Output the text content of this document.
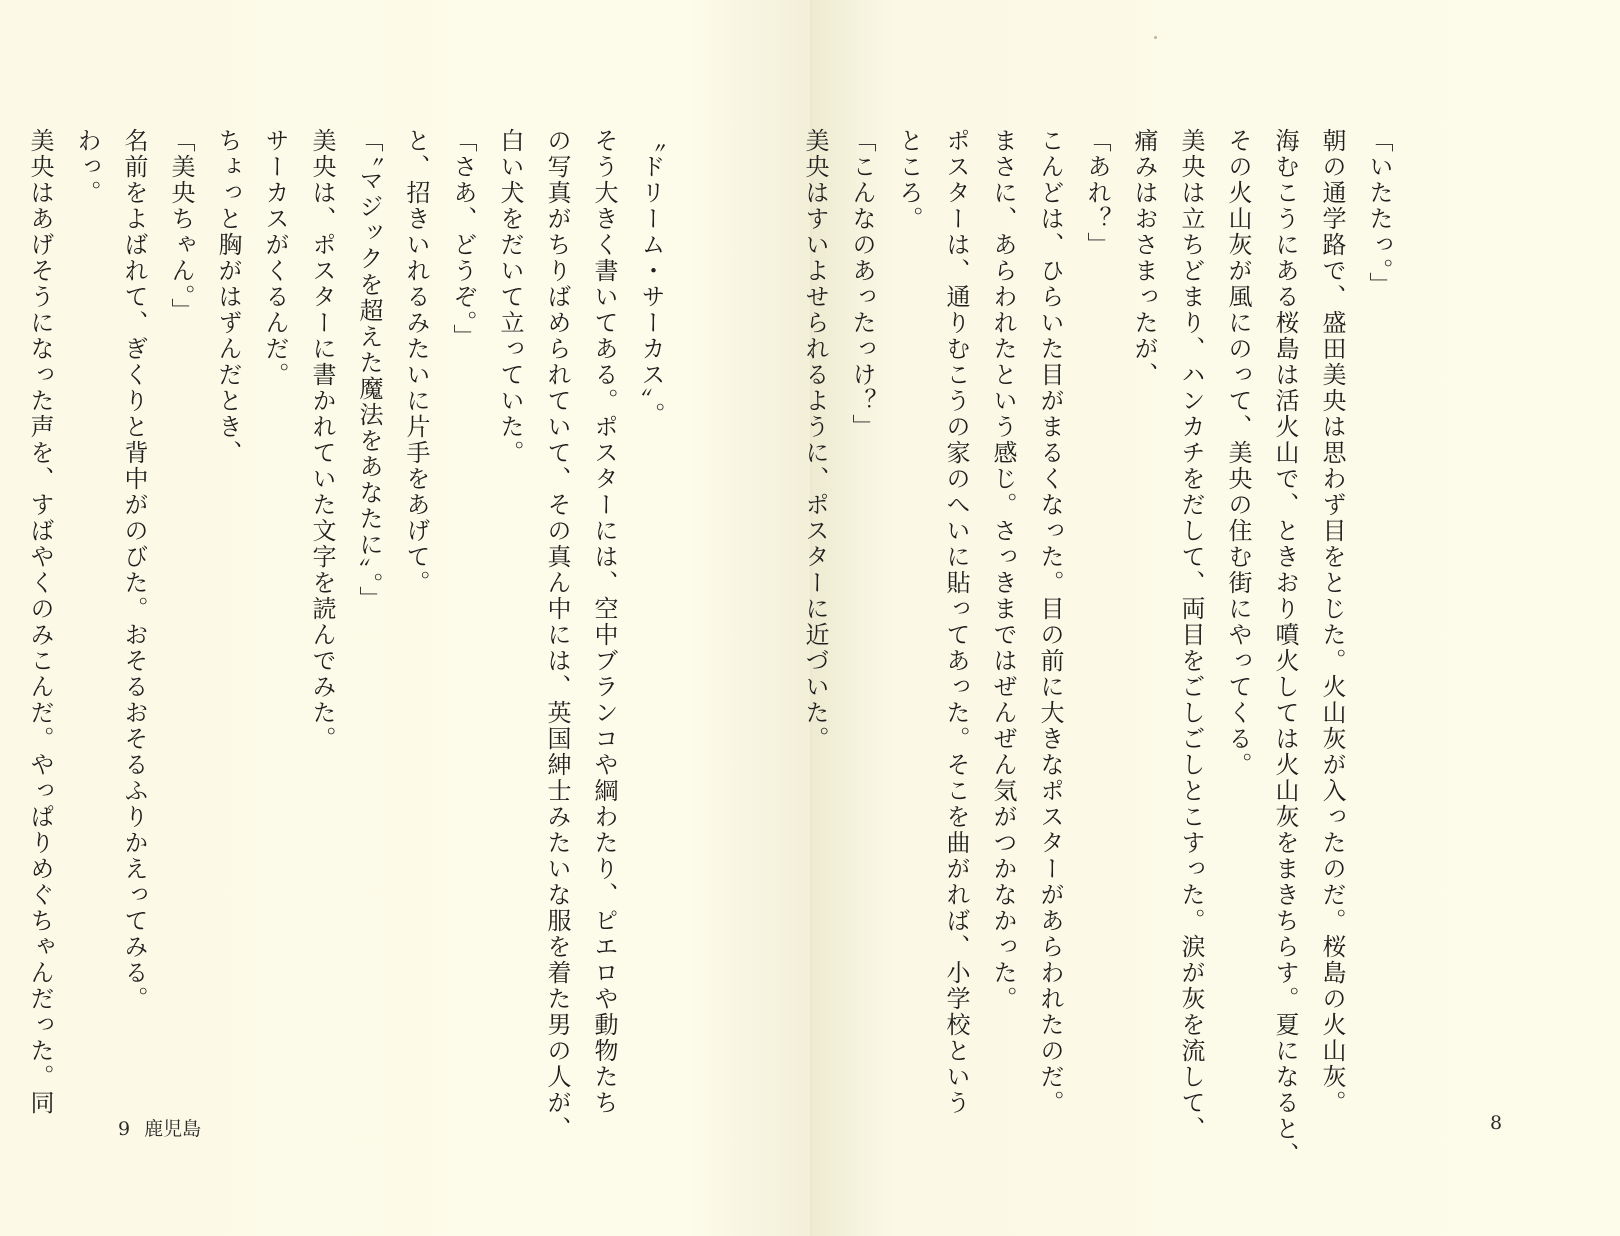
〝ドリーム・サーカス〟。
そう大きく書いてある。ポスターには、空中ブランコや綱わたり、ピエロや動物たち
の写真がちりばめられていて、その真ん中には、英国紳士みたいな服を着た男の人が、
白い犬をだいて立っていた。
「さあ、どうぞ。」
と、招きいれるみたいに片手をあげて。
「〝マジックを超えた魔法をあなたに〟。」
美央は、ポスターに書かれていた文字を読んでみた。
サーカスがくるんだ。
ちょっと胸がはずんだとき、
「美央ちゃん。」
名前をよばれて、ぎくりと背中がのびた。おそるおそるふりかえってみる。
わっ。
美央はあげそうになった声を、すばやくのみこんだ。やっぱりめぐちゃんだった。同
9 鹿児島
「いたたっ。」
朝の通学路で、盛田美央は思わず目をとじた。火山灰が入ったのだ。桜島の火山灰。
海むこうにある桜島は活火山で、ときおり噴火しては火山灰をまきちらす。夏になると、
その火山灰が風にのって、美央の住む街にやってくる。
美央は立ちどまり、ハンカチをだして、両目をごしごしとこすった。涙が灰を流して、
痛みはおさまったが、
「あれ？」
こんどは、ひらいた目がまるくなった。目の前に大きなポスターがあらわれたのだ。
まさに、あらわれたという感じ。さっきまではぜんぜん気がつかなかった。
ポスターは、通りむこうの家のへいに貼ってあった。そこを曲がれば、小学校という
ところ。
「こんなのあったっけ？」
美央はすいよせられるように、ポスターに近づいた。
8
